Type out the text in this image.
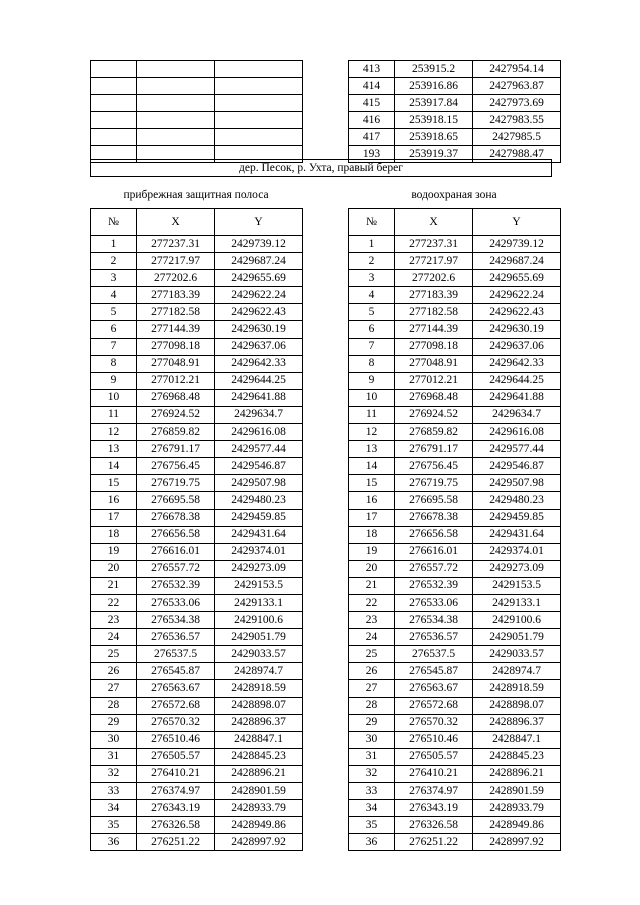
413	253915.2	2427954.14
414	253916.86	2427963.87
415	253917.84	2427973.69
416	253918.15	2427983.55
417	253918.65	2427985.5
193	253919.37	2427988.47
дер. Песок, р. Ухта, правый берег
прибрежная защитная полоса	водоохраная зона
№	X	Y
1	277237.31	2429739.12
2	277217.97	2429687.24
3	277202.6	2429655.69
4	277183.39	2429622.24
5	277182.58	2429622.43
6	277144.39	2429630.19
7	277098.18	2429637.06
8	277048.91	2429642.33
9	277012.21	2429644.25
10	276968.48	2429641.88
11	276924.52	2429634.7
12	276859.82	2429616.08
13	276791.17	2429577.44
14	276756.45	2429546.87
15	276719.75	2429507.98
16	276695.58	2429480.23
17	276678.38	2429459.85
18	276656.58	2429431.64
19	276616.01	2429374.01
20	276557.72	2429273.09
21	276532.39	2429153.5
22	276533.06	2429133.1
23	276534.38	2429100.6
24	276536.57	2429051.79
25	276537.5	2429033.57
26	276545.87	2428974.7
27	276563.67	2428918.59
28	276572.68	2428898.07
29	276570.32	2428896.37
30	276510.46	2428847.1
31	276505.57	2428845.23
32	276410.21	2428896.21
33	276374.97	2428901.59
34	276343.19	2428933.79
35	276326.58	2428949.86
36	276251.22	2428997.92
№	X	Y
1	277237.31	2429739.12
2	277217.97	2429687.24
3	277202.6	2429655.69
4	277183.39	2429622.24
5	277182.58	2429622.43
6	277144.39	2429630.19
7	277098.18	2429637.06
8	277048.91	2429642.33
9	277012.21	2429644.25
10	276968.48	2429641.88
11	276924.52	2429634.7
12	276859.82	2429616.08
13	276791.17	2429577.44
14	276756.45	2429546.87
15	276719.75	2429507.98
16	276695.58	2429480.23
17	276678.38	2429459.85
18	276656.58	2429431.64
19	276616.01	2429374.01
20	276557.72	2429273.09
21	276532.39	2429153.5
22	276533.06	2429133.1
23	276534.38	2429100.6
24	276536.57	2429051.79
25	276537.5	2429033.57
26	276545.87	2428974.7
27	276563.67	2428918.59
28	276572.68	2428898.07
29	276570.32	2428896.37
30	276510.46	2428847.1
31	276505.57	2428845.23
32	276410.21	2428896.21
33	276374.97	2428901.59
34	276343.19	2428933.79
35	276326.58	2428949.86
36	276251.22	2428997.92
